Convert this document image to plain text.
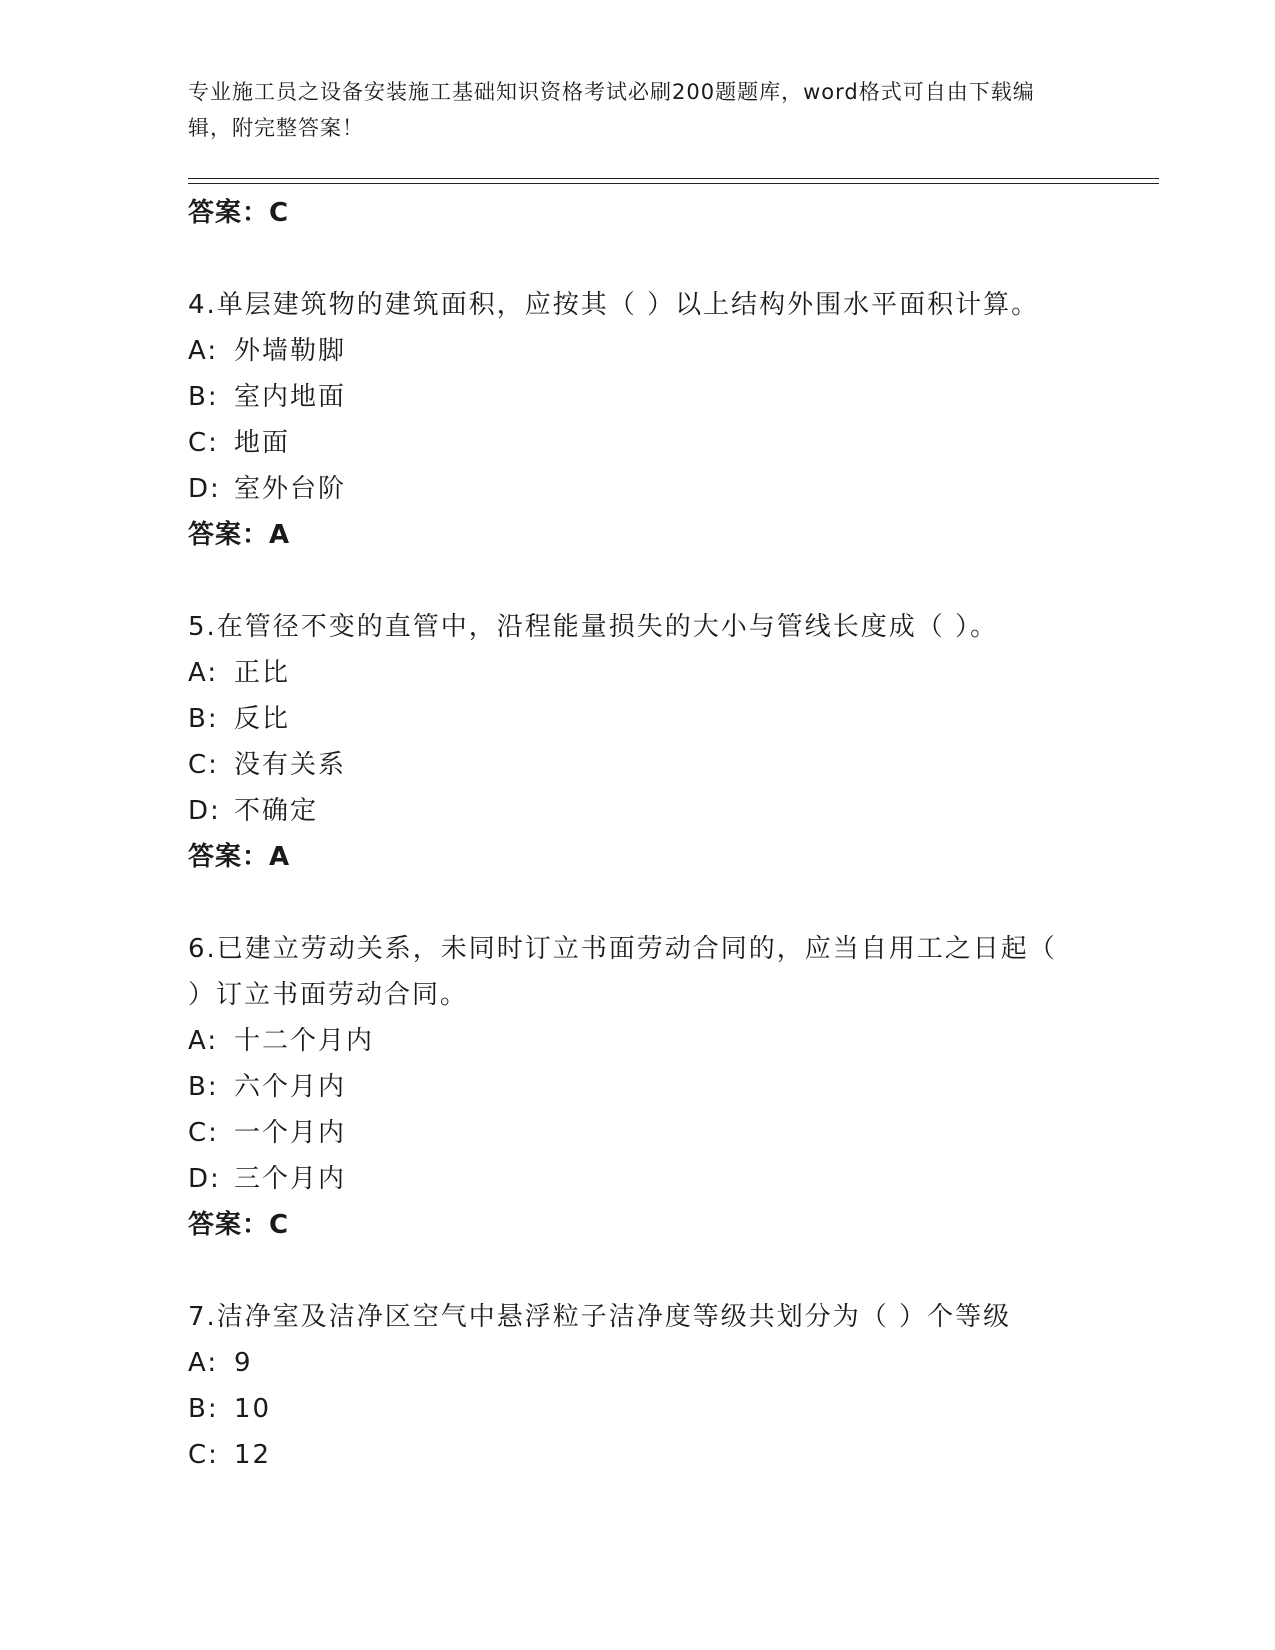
专业施工员之设备安装施工基础知识资格考试必刷200题题库，word格式可自由下载编辑，附完整答案！
答案：C
4.单层建筑物的建筑面积，应按其（ ）以上结构外围水平面积计算。
A: 外墙勒脚
B: 室内地面
C: 地面
D: 室外台阶
答案：A
5.在管径不变的直管中，沿程能量损失的大小与管线长度成（ ）。
A: 正比
B: 反比
C: 没有关系
D: 不确定
答案：A
6.已建立劳动关系，未同时订立书面劳动合同的，应当自用工之日起（ ）订立书面劳动合同。
A: 十二个月内
B: 六个月内
C: 一个月内
D: 三个月内
答案：C
7.洁净室及洁净区空气中悬浮粒子洁净度等级共划分为（ ）个等级
A: 9
B: 10
C: 12
